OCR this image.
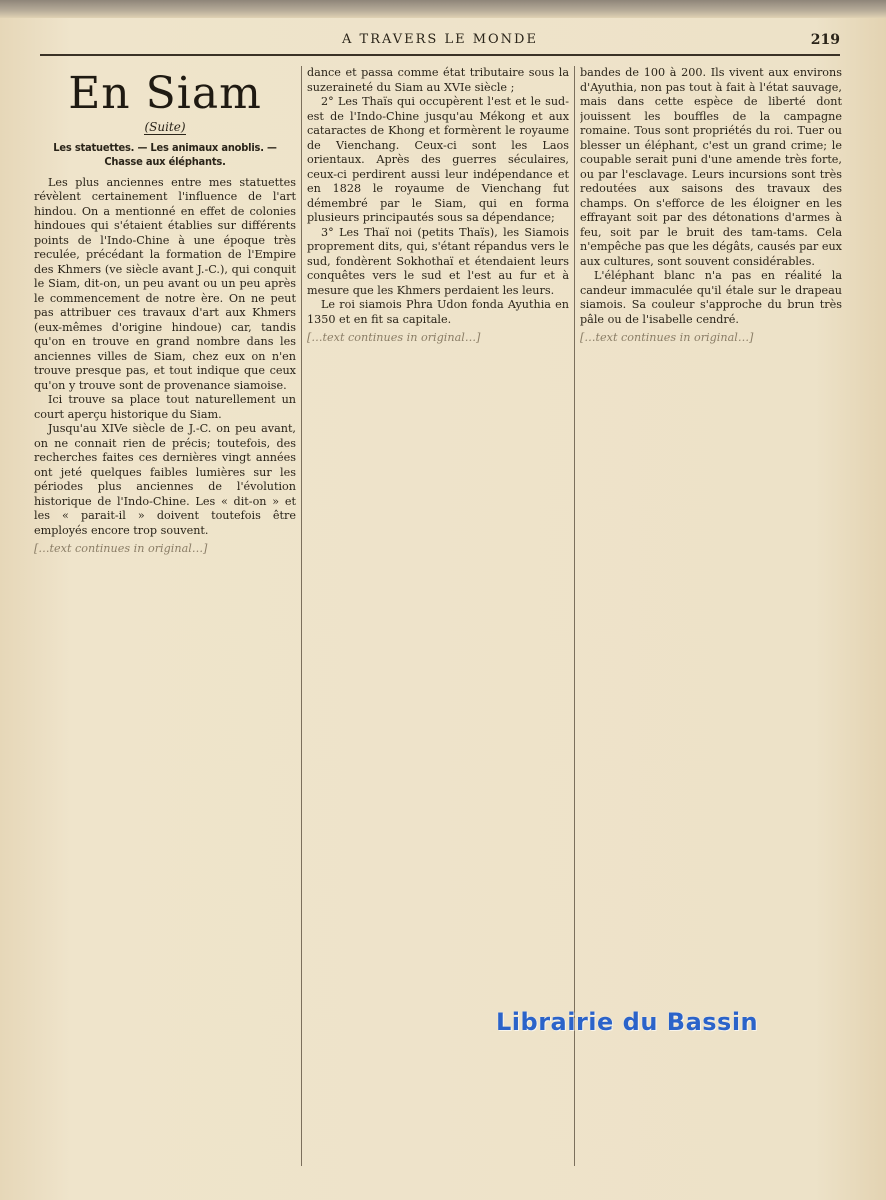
A TRAVERS LE MONDE	219
En Siam
(Suite)
Les statuettes. — Les animaux anoblis. — Chasse aux éléphants.

Les plus anciennes entre mes statuettes révèlent certainement l'influence de l'art hindou. On a mentionné en effet de colonies hindoues qui s'étaient établies sur différents points de l'Indo-Chine à une époque très reculée, précédant la formation de l'Empire des Khmers (ve siècle avant J.-C.), qui conquit le Siam, dit-on, un peu avant ou un peu après le commencement de notre ère. On ne peut pas attribuer ces travaux d'art aux Khmers (eux-mêmes d'origine hindoue) car, tandis qu'on en trouve en grand nombre dans les anciennes villes de Siam, chez eux on n'en trouve presque pas, et tout indique que ceux qu'on y trouve sont de provenance siamoise.

Ici trouve sa place tout naturellement un court aperçu historique du Siam.

Jusqu'au XIVe siècle de J.-C. on peu avant, on ne connait rien de précis; toutefois, des recherches faites ces dernières vingt années ont jeté quelques faibles lumières sur les périodes plus anciennes de l'évolution historique de l'Indo-Chine. Les « dit-on » et les « parait-il » doivent toutefois être employés encore trop souvent.

[…text continues in original…]

dance et passa comme état tributaire sous la suzeraineté du Siam au XVIe siècle ;

2° Les Thaïs qui occupèrent l'est et le sud-est de l'Indo-Chine jusqu'au Mékong et aux cataractes de Khong et formèrent le royaume de Vienchang. Ceux-ci sont les Laos orientaux. Après des guerres séculaires, ceux-ci perdirent aussi leur indépendance et en 1828 le royaume de Vienchang fut démembré par le Siam, qui en forma plusieurs principautés sous sa dépendance;

3° Les Thaï noi (petits Thaïs), les Siamois proprement dits, qui, s'étant répandus vers le sud, fondèrent Sokhothaï et étendaient leurs conquêtes vers le sud et l'est au fur et à mesure que les Khmers perdaient les leurs.

Le roi siamois Phra Udon fonda Ayuthia en 1350 et en fit sa capitale.

[…text continues in original…]

bandes de 100 à 200. Ils vivent aux environs d'Ayuthia, non pas tout à fait à l'état sauvage, mais dans cette espèce de liberté dont jouissent les bouffles de la campagne romaine. Tous sont propriétés du roi. Tuer ou blesser un éléphant, c'est un grand crime; le coupable serait puni d'une amende très forte, ou par l'esclavage. Leurs incursions sont très redoutées aux saisons des travaux des champs. On s'efforce de les éloigner en les effrayant soit par des détonations d'armes à feu, soit par le bruit des tam-tams. Cela n'empêche pas que les dégâts, causés par eux aux cultures, sont souvent considérables.

L'éléphant blanc n'a pas en réalité la candeur immaculée qu'il étale sur le drapeau siamois. Sa couleur s'approche du brun très pâle ou de l'isabelle cendré.

[…text continues in original…]

Librairie du Bassin
